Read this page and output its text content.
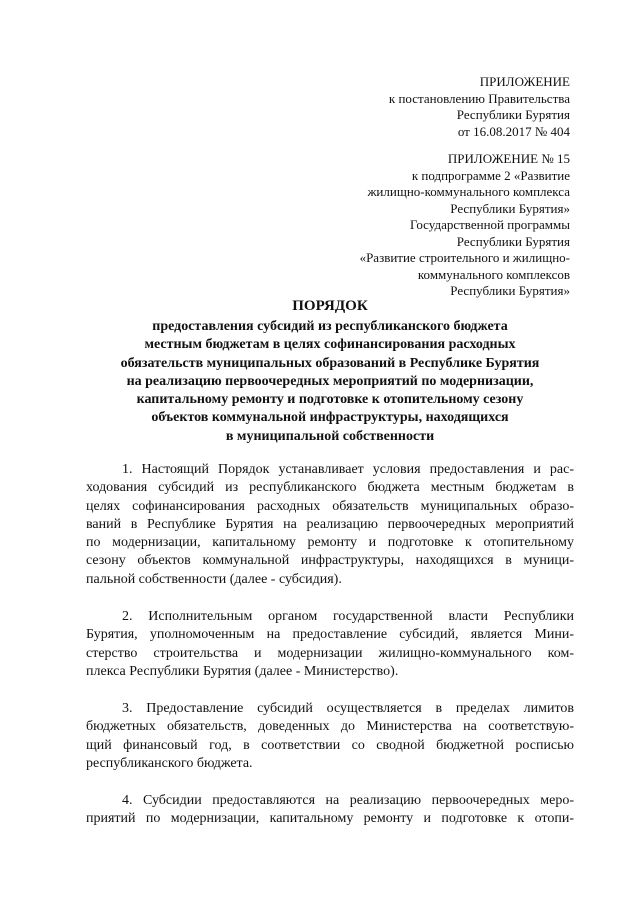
ПРИЛОЖЕНИЕ
к постановлению Правительства
Республики Бурятия
от 16.08.2017 № 404
ПРИЛОЖЕНИЕ № 15
к подпрограмме 2 «Развитие
жилищно-коммунального комплекса
Республики Бурятия»
Государственной программы
Республики Бурятия
«Развитие строительного и жилищно-
коммунального комплексов
Республики Бурятия»
ПОРЯДОК
предоставления субсидий из республиканского бюджета
местным бюджетам в целях софинансирования расходных
обязательств муниципальных образований в Республике Бурятия
на реализацию первоочередных мероприятий по модернизации,
капитальному ремонту и подготовке к отопительному сезону
объектов коммунальной инфраструктуры, находящихся
в муниципальной собственности
1. Настоящий Порядок устанавливает условия предоставления и рас-
ходования субсидий из республиканского бюджета местным бюджетам в
целях софинансирования расходных обязательств муниципальных образо-
ваний в Республике Бурятия на реализацию первоочередных мероприятий
по модернизации, капитальному ремонту и подготовке к отопительному
сезону объектов коммунальной инфраструктуры, находящихся в муници-
пальной собственности (далее - субсидия).
2. Исполнительным органом государственной власти Республики
Бурятия, уполномоченным на предоставление субсидий, является Мини-
стерство строительства и модернизации жилищно-коммунального ком-
плекса Республики Бурятия (далее - Министерство).
3. Предоставление субсидий осуществляется в пределах лимитов
бюджетных обязательств, доведенных до Министерства на соответствую-
щий финансовый год, в соответствии со сводной бюджетной росписью
республиканского бюджета.
4. Субсидии предоставляются на реализацию первоочередных меро-
приятий по модернизации, капитальному ремонту и подготовке к отопи-
